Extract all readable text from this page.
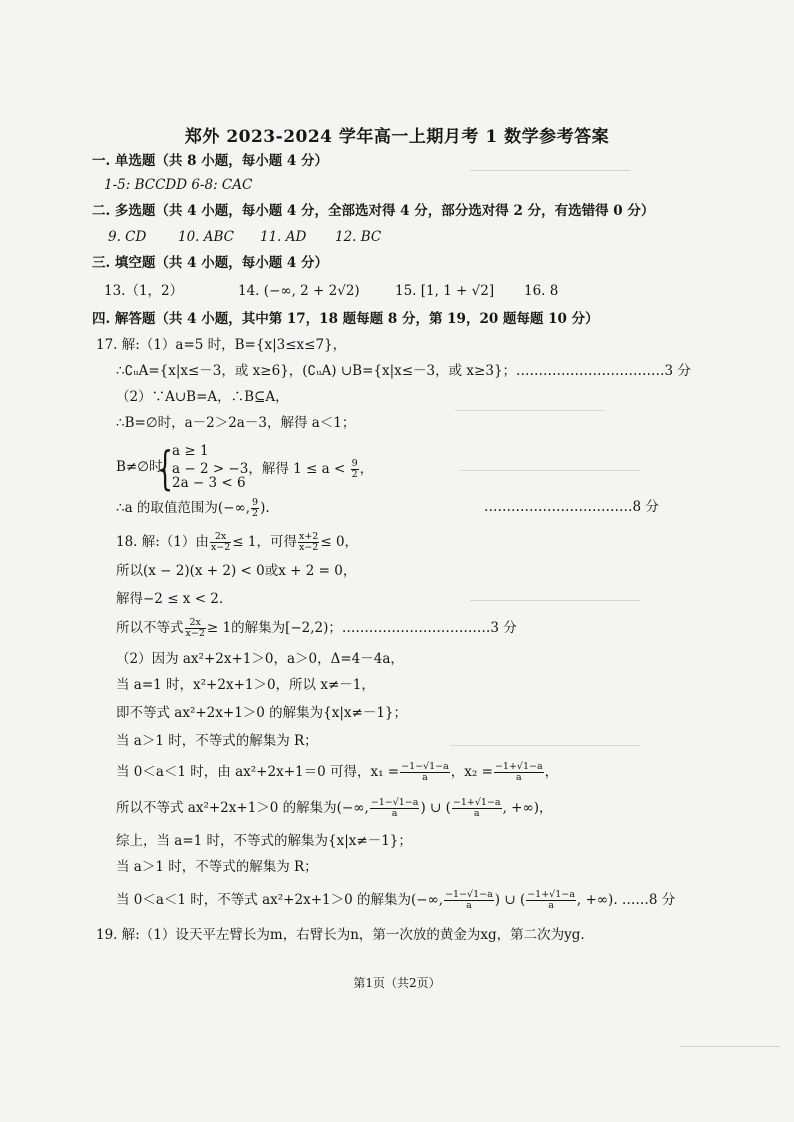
郑外 2023-2024 学年高一上期月考 1 数学参考答案
一. 单选题（共 8 小题，每小题 4 分）
1-5: BCCDD 6-8: CAC
二. 多选题（共 4 小题，每小题 4 分，全部选对得 4 分，部分选对得 2 分，有选错得 0 分）
9. CD 10. ABC 11. AD 12. BC
三. 填空题（共 4 小题，每小题 4 分）
13.（1，2）	14. (−∞, 2 + 2√2)	15. [1, 1 + √2] 16. 8
四. 解答题（共 4 小题，其中第 17，18 题每题 8 分，第 19，20 题每题 10 分）
17. 解:（1）a=5 时，B={x|3≤x≤7}，
∴∁ᵤA={x|x≤－3，或 x≥6}，(∁ᵤA) ∪B={x|x≤－3，或 x≥3}；……………………………3 分
（2）∵A∪B=A，∴B⊆A，
∴B=∅时，a－2＞2a－3，解得 a＜1；
B≠∅时，
{
a ≥ 1
a − 2 > −3，解得 $1 \le a < \frac{9}{2}$ ，
2a − 3 < 6
∴a 的取值范围为(−∞, $\frac{9}{2}$ ).	……………………………8 分
18. 解:（1）由 $\frac{2x}{x-2} \le 1$，可得 $\frac{x+2}{x-2} \le 0$，
所以(x − 2)(x + 2) < 0或x + 2 = 0，
解得−2 ≤ x < 2.
所以不等式 $\frac{2x}{x-2} \ge 1$的解集为[−2,2)；……………………………3 分
（2）因为 ax²+2x+1＞0，a＞0，Δ=4－4a，
当 a=1 时，x²+2x+1＞0，所以 x≠－1，
即不等式 ax²+2x+1＞0 的解集为{x|x≠－1}；
当 a＞1 时，不等式的解集为 R；
当 0＜a＜1 时，由 ax²+2x+1＝0 可得，$x_1 = \frac{-1-√1-a}{a}$ ，$x_2 = \frac{-1+√1-a}{a}$ ，
所以不等式 ax²+2x+1＞0 的解集为(−∞, $\frac{-1-√1-a}{a}$ ) ∪ ( $\frac{-1+√1-a}{a}$ , +∞)，
综上，当 a=1 时，不等式的解集为{x|x≠－1}；
当 a＞1 时，不等式的解集为 R；
当 0＜a＜1 时，不等式 ax²+2x+1＞0 的解集为(−∞, $\frac{-1-√1-a}{a}$ ) ∪ ( $\frac{-1+√1-a}{a}$ , +∞). ……8 分
19. 解:（1）设天平左臂长为m，右臂长为n，第一次放的黄金为xg，第二次为yg.
第1页（共2页）
